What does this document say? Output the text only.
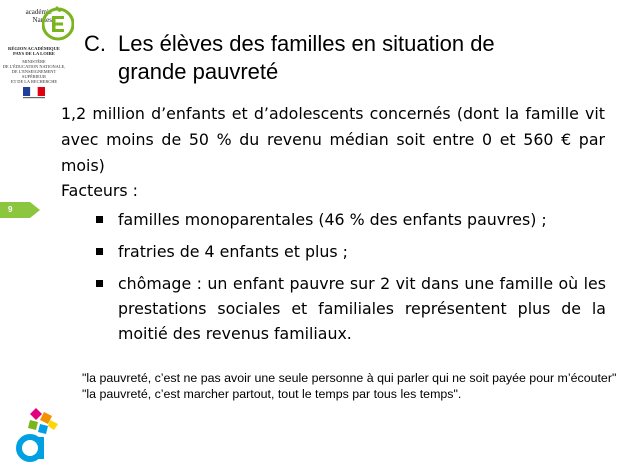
académie
Nantes
RÉGION ACADÉMIQUE
PAYS DE LA LOIRE
MINISTÈRE
DE L'ÉDUCATION NATIONALE,
DE L'ENSEIGNEMENT SUPÉRIEUR
ET DE LA RECHERCHE
C. Les élèves des familles en situation de
grande pauvreté
9
1,2 million d’enfants et d’adolescents concernés (dont la famille vit avec moins de 50 % du revenu médian soit entre 0 et 560 € par mois)
Facteurs :
familles monoparentales (46 % des enfants pauvres) ;
fratries de 4 enfants et plus ;
chômage : un enfant pauvre sur 2 vit dans une famille où les prestations sociales et familiales représentent plus de la moitié des revenus familiaux.
"la pauvreté, c’est ne pas avoir une seule personne à qui parler qui ne soit payée pour m’écouter"
"la pauvreté, c’est marcher partout, tout le temps par tous les temps".
